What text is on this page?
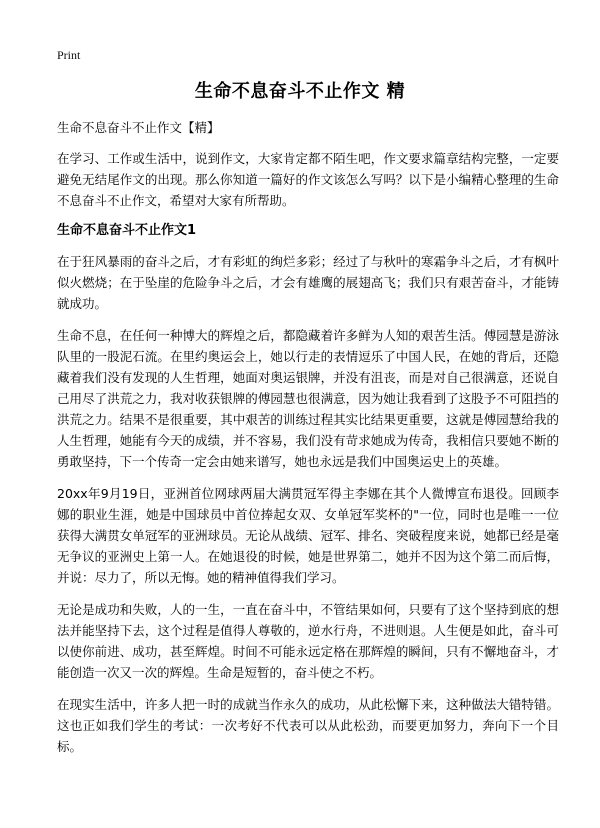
Print
生命不息奋斗不止作文 精
生命不息奋斗不止作文【精】

在学习、工作或生活中，说到作文，大家肯定都不陌生吧，作文要求篇章结构完整，一定要避免无结尾作文的出现。那么你知道一篇好的作文该怎么写吗？以下是小编精心整理的生命不息奋斗不止作文，希望对大家有所帮助。

生命不息奋斗不止作文1

在于狂风暴雨的奋斗之后，才有彩虹的绚烂多彩；经过了与秋叶的寒霜争斗之后，才有枫叶似火燃烧；在于坠崖的危险争斗之后，才会有雄鹰的展翅高飞；我们只有艰苦奋斗，才能铸就成功。

生命不息，在任何一种博大的辉煌之后，都隐藏着许多鲜为人知的艰苦生活。傅园慧是游泳队里的一股泥石流。在里约奥运会上，她以行走的表情逗乐了中国人民，在她的背后，还隐藏着我们没有发现的人生哲理，她面对奥运银牌，并没有沮丧，而是对自己很满意，还说自己用尽了洪荒之力，我对收获银牌的傅园慧也很满意，因为她让我看到了这股予不可阻挡的洪荒之力。结果不是很重要，其中艰苦的训练过程其实比结果更重要，这就是傅园慧给我的人生哲理，她能有今天的成绩，并不容易，我们没有苛求她成为传奇，我相信只要她不断的勇敢坚持，下一个传奇一定会由她来谱写，她也永远是我们中国奥运史上的英雄。

20xx年9月19日，亚洲首位网球两届大满贯冠军得主李娜在其个人微博宣布退役。回顾李娜的职业生涯，她是中国球员中首位捧起女双、女单冠军奖杯的"一位，同时也是唯一一位获得大满贯女单冠军的亚洲球员。无论从战绩、冠军、排名、突破程度来说，她都已经是毫无争议的亚洲史上第一人。在她退役的时候，她是世界第二，她并不因为这个第二而后悔，并说：尽力了，所以无悔。她的精神值得我们学习。

无论是成功和失败，人的一生，一直在奋斗中，不管结果如何，只要有了这个坚持到底的想法并能坚持下去，这个过程是值得人尊敬的，逆水行舟，不进则退。人生便是如此，奋斗可以使你前进、成功，甚至辉煌。时间不可能永远定格在那辉煌的瞬间，只有不懈地奋斗，才能创造一次又一次的辉煌。生命是短暂的，奋斗使之不朽。

在现实生活中，许多人把一时的成就当作永久的成功，从此松懈下来，这种做法大错特错。这也正如我们学生的考试：一次考好不代表可以从此松劲，而要更加努力，奔向下一个目标。
